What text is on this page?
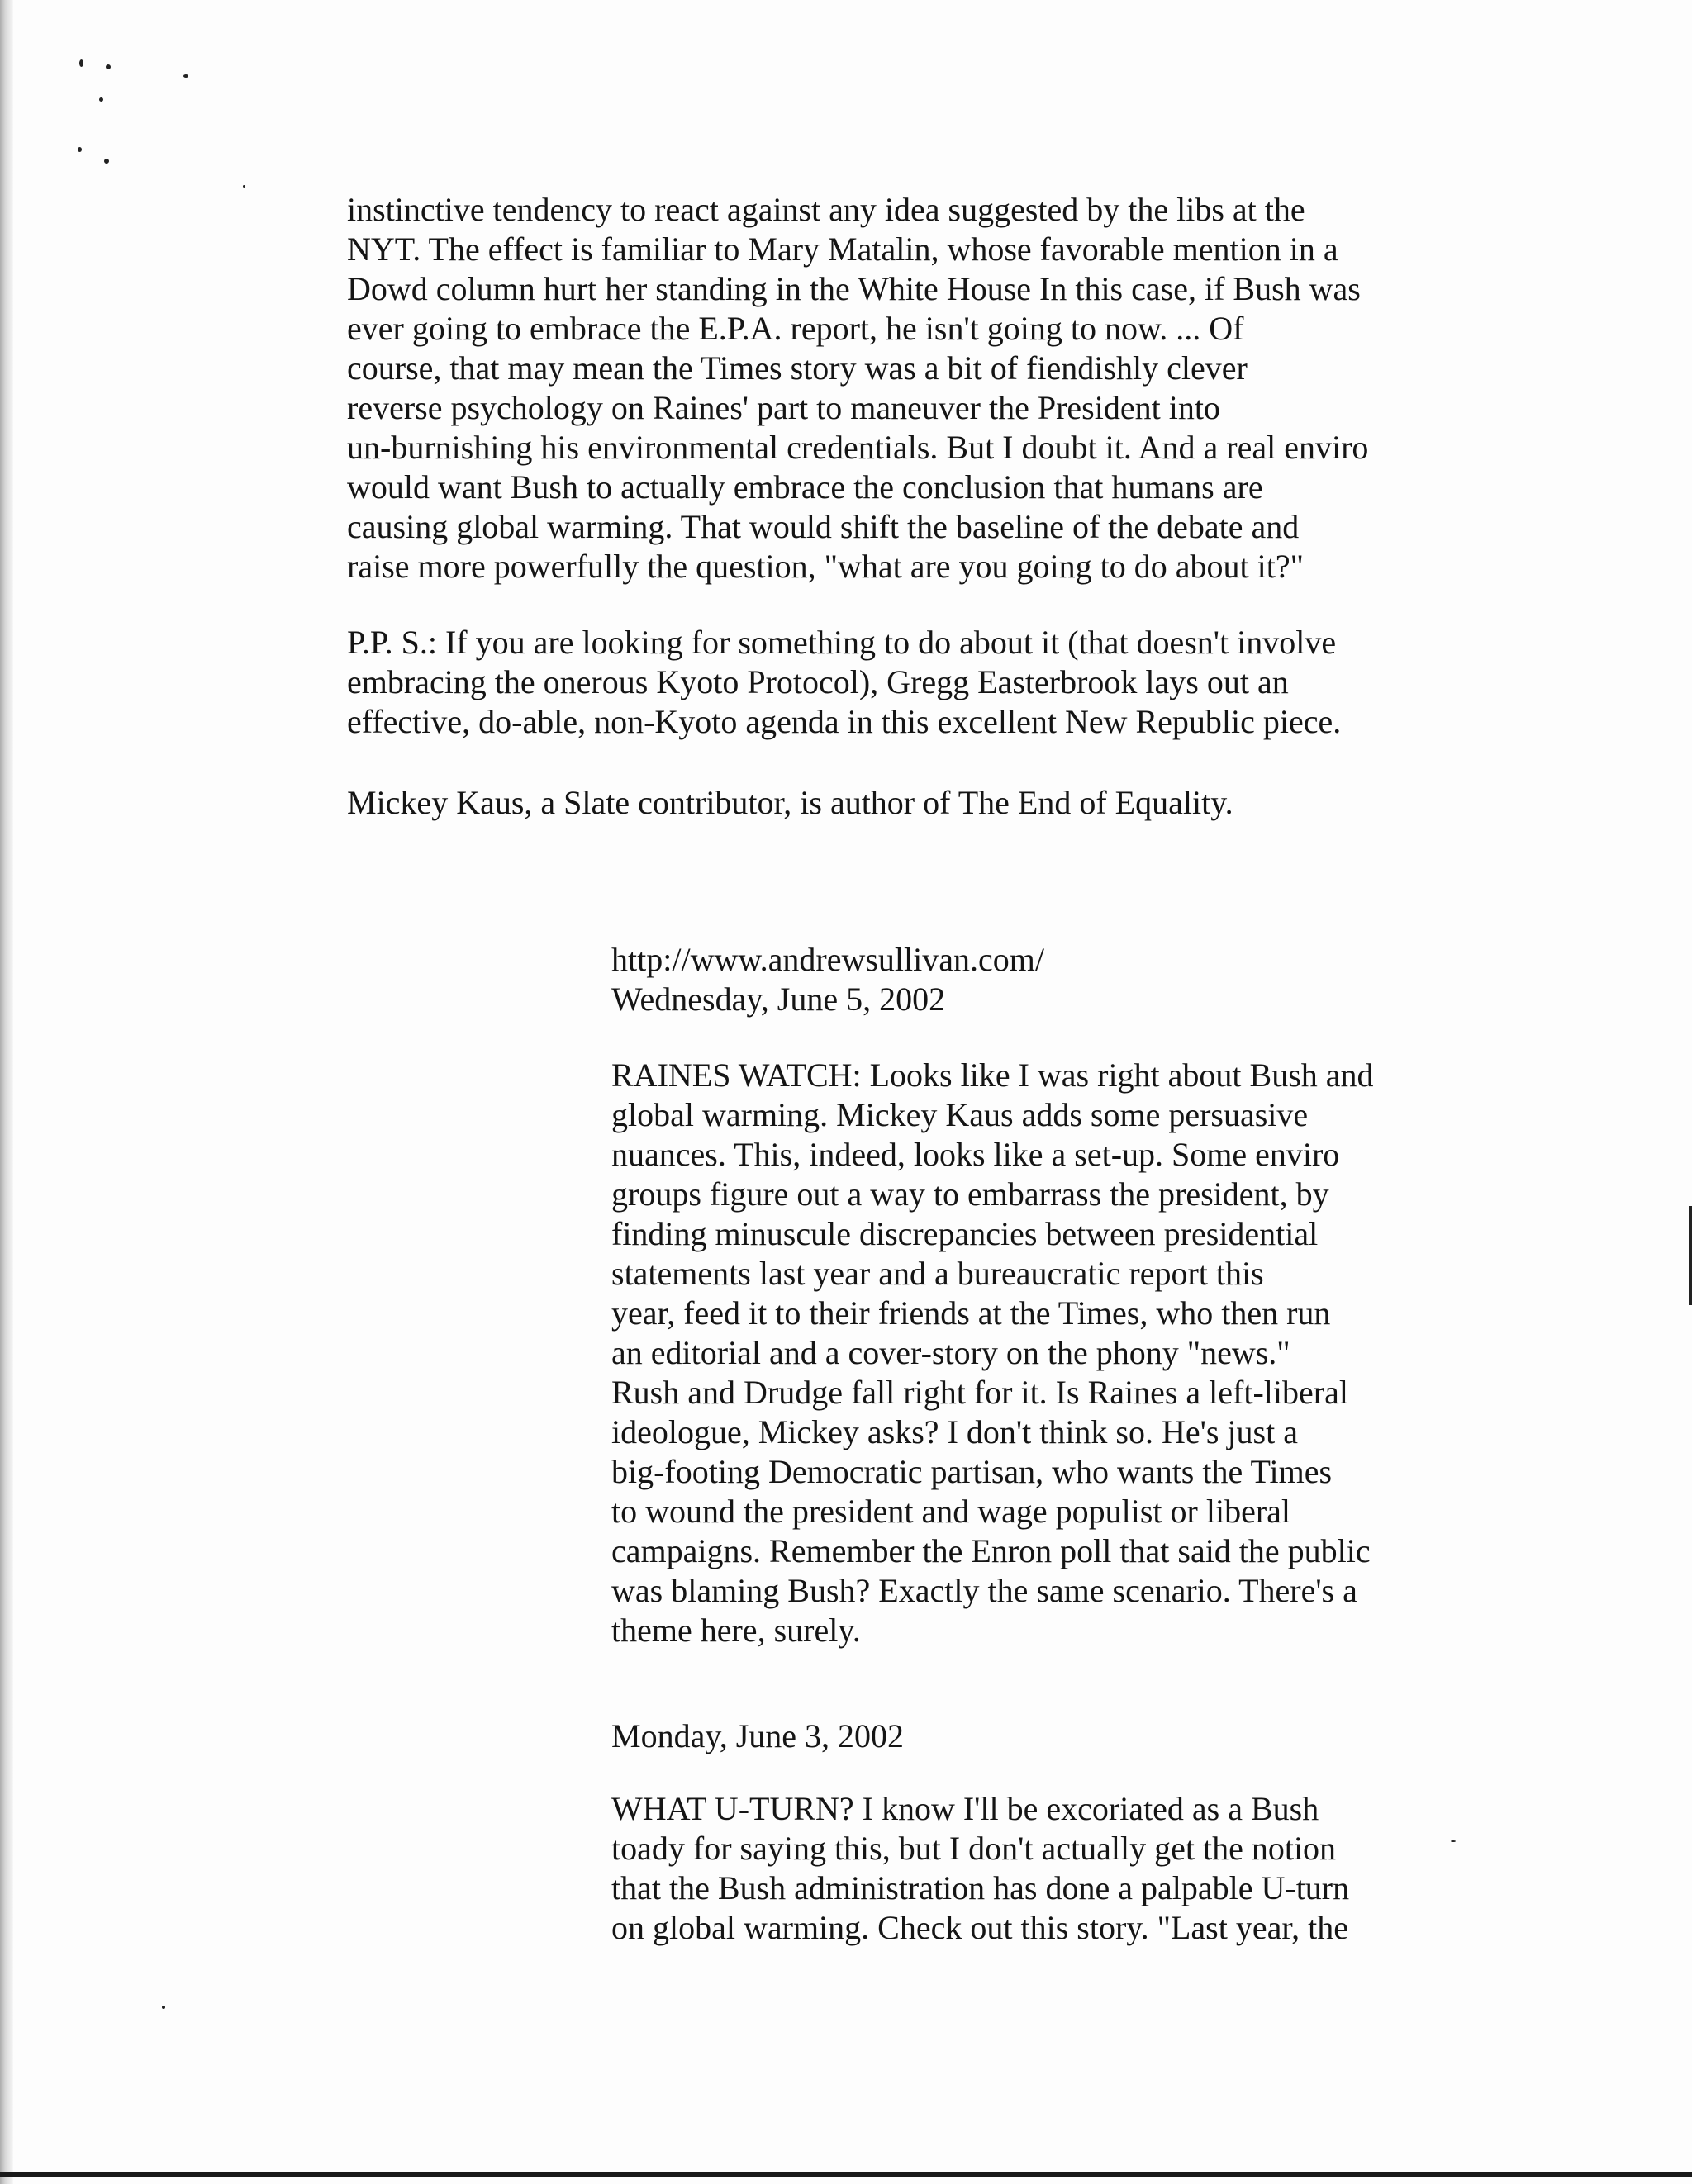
instinctive tendency to react against any idea suggested by the libs at the
NYT. The effect is familiar to Mary Matalin, whose favorable mention in a
Dowd column hurt her standing in the White House In this case, if Bush was
ever going to embrace the E.P.A. report, he isn't going to now. ... Of
course, that may mean the Times story was a bit of fiendishly clever
reverse psychology on Raines' part to maneuver the President into
un-burnishing his environmental credentials. But I doubt it. And a real enviro
would want Bush to actually embrace the conclusion that humans are
causing global warming. That would shift the baseline of the debate and
raise more powerfully the question, "what are you going to do about it?"
P.P. S.: If you are looking for something to do about it (that doesn't involve
embracing the onerous Kyoto Protocol), Gregg Easterbrook lays out an
effective, do-able, non-Kyoto agenda in this excellent New Republic piece.
Mickey Kaus, a Slate contributor, is author of The End of Equality.
http://www.andrewsullivan.com/
Wednesday, June 5, 2002
RAINES WATCH: Looks like I was right about Bush and
global warming. Mickey Kaus adds some persuasive
nuances. This, indeed, looks like a set-up. Some enviro
groups figure out a way to embarrass the president, by
finding minuscule discrepancies between presidential
statements last year and a bureaucratic report this
year, feed it to their friends at the Times, who then run
an editorial and a cover-story on the phony "news."
Rush and Drudge fall right for it. Is Raines a left-liberal
ideologue, Mickey asks? I don't think so. He's just a
big-footing Democratic partisan, who wants the Times
to wound the president and wage populist or liberal
campaigns. Remember the Enron poll that said the public
was blaming Bush? Exactly the same scenario. There's a
theme here, surely.
Monday, June 3, 2002
WHAT U-TURN? I know I'll be excoriated as a Bush
toady for saying this, but I don't actually get the notion
that the Bush administration has done a palpable U-turn
on global warming. Check out this story. "Last year, the
